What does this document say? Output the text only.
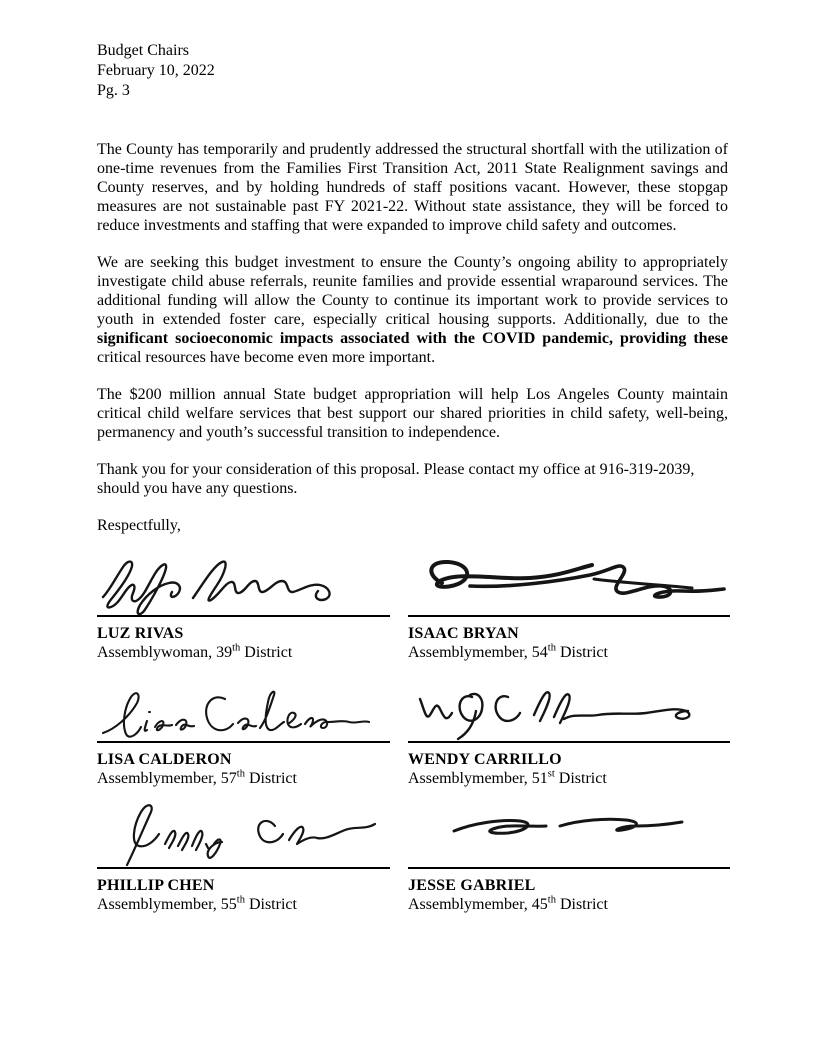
Budget Chairs
February 10, 2022
Pg. 3

The County has temporarily and prudently addressed the structural shortfall with the utilization of one-time revenues from the Families First Transition Act, 2011 State Realignment savings and County reserves, and by holding hundreds of staff positions vacant. However, these stopgap measures are not sustainable past FY 2021-22. Without state assistance, they will be forced to reduce investments and staffing that were expanded to improve child safety and outcomes.

We are seeking this budget investment to ensure the County’s ongoing ability to appropriately investigate child abuse referrals, reunite families and provide essential wraparound services. The additional funding will allow the County to continue its important work to provide services to youth in extended foster care, especially critical housing supports. Additionally, due to the significant socioeconomic impacts associated with the COVID pandemic, providing these critical resources have become even more important.

The $200 million annual State budget appropriation will help Los Angeles County maintain critical child welfare services that best support our shared priorities in child safety, well-being, permanency and youth’s successful transition to independence.

Thank you for your consideration of this proposal. Please contact my office at 916-319-2039, should you have any questions.

Respectfully,

LUZ RIVAS
Assemblywoman, 39th District
ISAAC BRYAN
Assemblymember, 54th District
LISA CALDERON
Assemblymember, 57th District
WENDY CARRILLO
Assemblymember, 51st District
PHILLIP CHEN
Assemblymember, 55th District
JESSE GABRIEL
Assemblymember, 45th District
